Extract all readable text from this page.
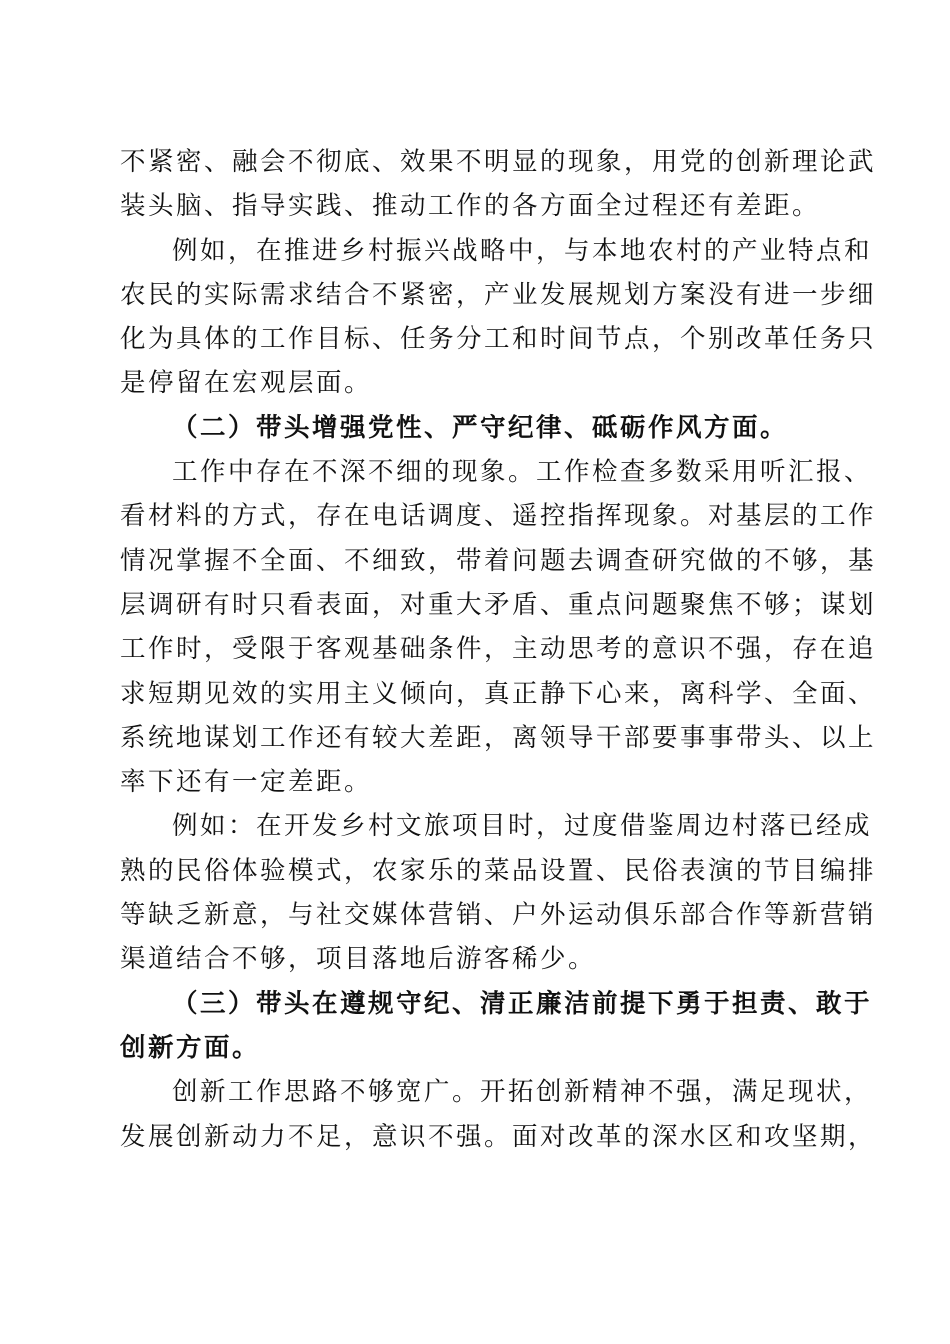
不紧密、融会不彻底、效果不明显的现象，用党的创新理论武
装头脑、指导实践、推动工作的各方面全过程还有差距。
例如，在推进乡村振兴战略中，与本地农村的产业特点和
农民的实际需求结合不紧密，产业发展规划方案没有进一步细
化为具体的工作目标、任务分工和时间节点，个别改革任务只
是停留在宏观层面。
（二）带头增强党性、严守纪律、砥砺作风方面。
工作中存在不深不细的现象。工作检查多数采用听汇报、
看材料的方式，存在电话调度、遥控指挥现象。对基层的工作
情况掌握不全面、不细致，带着问题去调查研究做的不够，基
层调研有时只看表面，对重大矛盾、重点问题聚焦不够；谋划
工作时，受限于客观基础条件，主动思考的意识不强，存在追
求短期见效的实用主义倾向，真正静下心来，离科学、全面、
系统地谋划工作还有较大差距，离领导干部要事事带头、以上
率下还有一定差距。
例如：在开发乡村文旅项目时，过度借鉴周边村落已经成
熟的民俗体验模式，农家乐的菜品设置、民俗表演的节目编排
等缺乏新意，与社交媒体营销、户外运动俱乐部合作等新营销
渠道结合不够，项目落地后游客稀少。
（三）带头在遵规守纪、清正廉洁前提下勇于担责、敢于
创新方面。
创新工作思路不够宽广。开拓创新精神不强，满足现状，
发展创新动力不足，意识不强。面对改革的深水区和攻坚期，
